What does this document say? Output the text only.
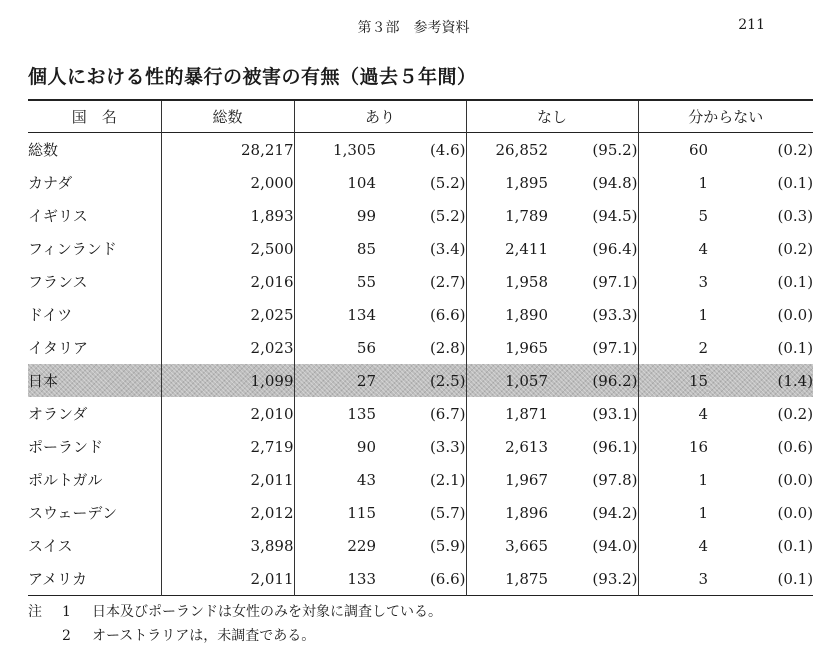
第３部　参考資料	211
個人における性的暴行の被害の有無（過去５年間）
国　名	総数	あり		なし		分からない	
総数	28,217	1,305	(4.6)	26,852	(95.2)	60	(0.2)
カナダ	2,000	104	(5.2)	1,895	(94.8)	1	(0.1)
イギリス	1,893	99	(5.2)	1,789	(94.5)	5	(0.3)
フィンランド	2,500	85	(3.4)	2,411	(96.4)	4	(0.2)
フランス	2,016	55	(2.7)	1,958	(97.1)	3	(0.1)
ドイツ	2,025	134	(6.6)	1,890	(93.3)	1	(0.0)
イタリア	2,023	56	(2.8)	1,965	(97.1)	2	(0.1)
日本	1,099	27	(2.5)	1,057	(96.2)	15	(1.4)
オランダ	2,010	135	(6.7)	1,871	(93.1)	4	(0.2)
ポーランド	2,719	90	(3.3)	2,613	(96.1)	16	(0.6)
ポルトガル	2,011	43	(2.1)	1,967	(97.8)	1	(0.0)
スウェーデン	2,012	115	(5.7)	1,896	(94.2)	1	(0.0)
スイス	3,898	229	(5.9)	3,665	(94.0)	4	(0.1)
アメリカ	2,011	133	(6.6)	1,875	(93.2)	3	(0.1)
注	1	日本及びポーランドは女性のみを対象に調査している。
2	オーストラリアは，未調査である。
